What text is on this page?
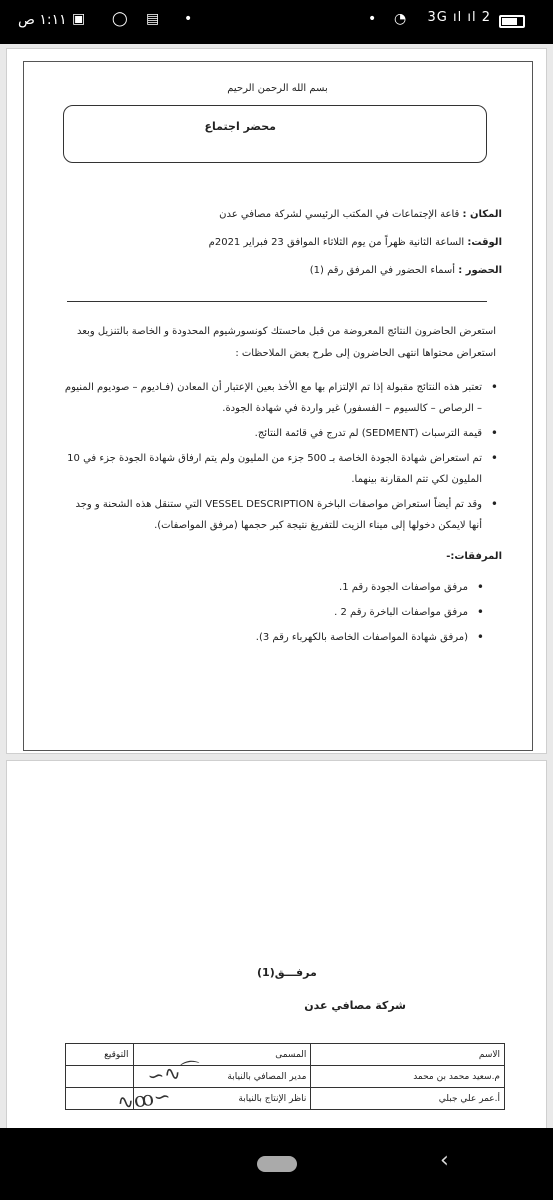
١:١١ ص ▣ ◯ ▤ •	• ◔ 3G ıl ıl 2
بسم الله الرحمن الرحيم
محضر اجتماع
المكان : قاعة الإجتماعات في المكتب الرئيسي لشركة مصافي عدن
الوقت: الساعة الثانية ظهراً من يوم الثلاثاء الموافق 23 فبراير 2021م
الحضور : أسماء الحضور في المرفق رقم (1)
استعرض الحاضرون النتائج المعروضة من قبل ماحستك كونسورشيوم المحدودة و الخاصة بالتنزيل وبعد
استعراض محتواها انتهى الحاضرون إلى طرح بعض الملاحظات :
• تعتبر هذه النتائج مقبولة إذا تم الإلتزام بها مع الأخذ بعين الإعتبار أن المعادن (فـاديوم – صوديوم المنيوم – الرصاص – كالسيوم – الفسفور) غير واردة في شهادة الجودة.
• قيمة الترسبات (SEDMENT) لم تدرج في قائمة النتائج.
• تم استعراض شهادة الجودة الخاصة بـ 500 جزء من المليون ولم يتم ارفاق شهادة الجودة جزء في 10 المليون لكي تتم المقارنة بينهما.
• وقد تم أيضاً استعراض مواصفات الباخرة VESSEL DESCRIPTION التي ستنقل هذه الشحنة و وجد أنها لايمكن دخولها إلى ميناء الزيت للتفريغ نتيجة كبر حجمها (مرفق المواصفات).
المرفقات:-
• مرفق مواصفات الجودة رقم 1.
• مرفق مواصفات الباخرة رقم 2 .
• (مرفق شهادة المواصفات الخاصة بالكهرباء رقم 3).
مرفـــق(1)
شركة مصافي عدن
الاسم	المسمى	التوقيع
م.سعيد محمد بن محمد	مدير المصافي بالنيابة	
أ.عمر علي جبلي	ناظر الإنتاج بالنيابة	
∽∿⌒
∿ꝏ∽
‹
